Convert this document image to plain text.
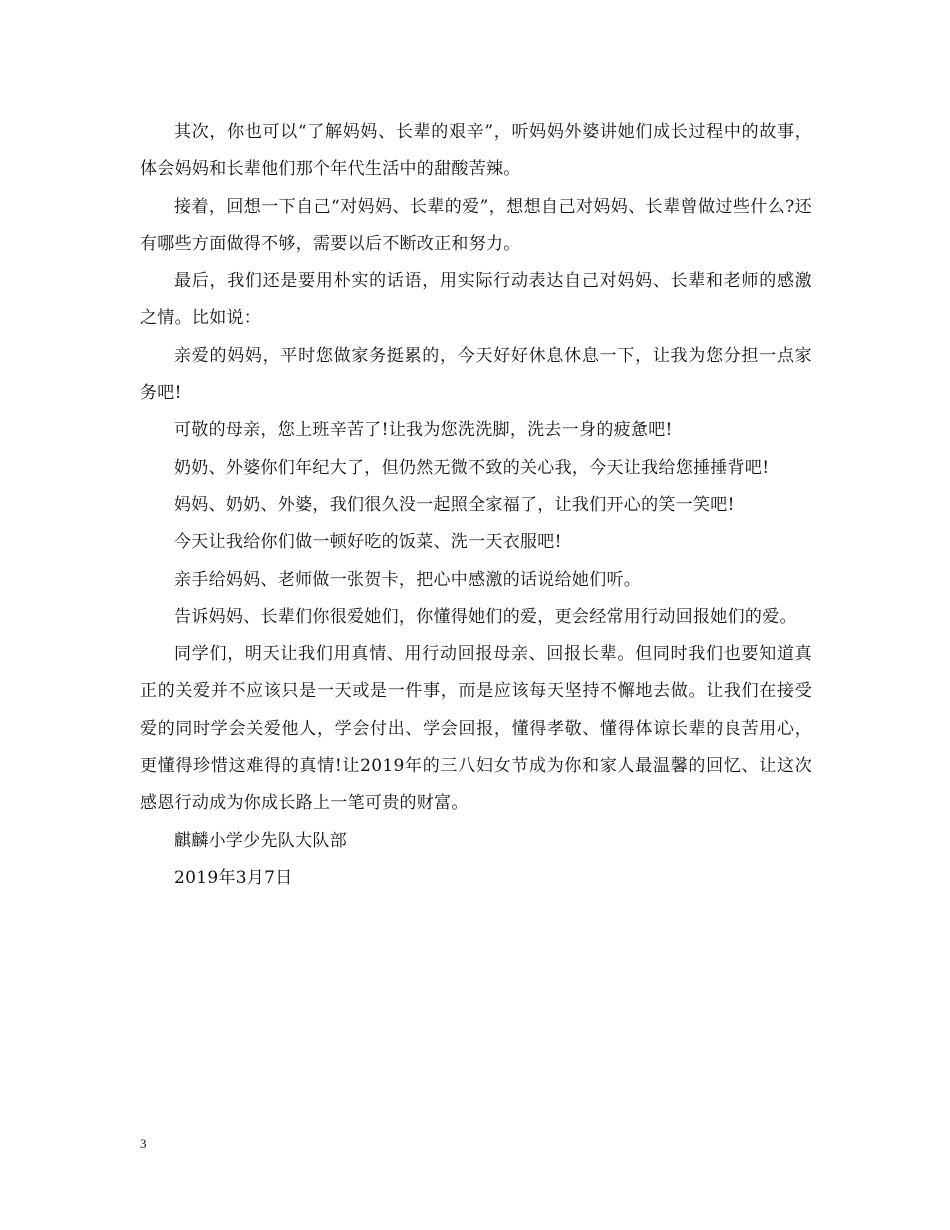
其次，你也可以“了解妈妈、长辈的艰辛”，听妈妈外婆讲她们成长过程中的故事，体会妈妈和长辈他们那个年代生活中的甜酸苦辣。

接着，回想一下自己“对妈妈、长辈的爱”，想想自己对妈妈、长辈曾做过些什么?还有哪些方面做得不够，需要以后不断改正和努力。

最后，我们还是要用朴实的话语，用实际行动表达自己对妈妈、长辈和老师的感激之情。比如说：

亲爱的妈妈，平时您做家务挺累的，今天好好休息休息一下，让我为您分担一点家务吧!

可敬的母亲，您上班辛苦了!让我为您洗洗脚，洗去一身的疲惫吧!

奶奶、外婆你们年纪大了，但仍然无微不致的关心我，今天让我给您捶捶背吧!

妈妈、奶奶、外婆，我们很久没一起照全家福了，让我们开心的笑一笑吧!

今天让我给你们做一顿好吃的饭菜、洗一天衣服吧!

亲手给妈妈、老师做一张贺卡，把心中感激的话说给她们听。

告诉妈妈、长辈们你很爱她们，你懂得她们的爱，更会经常用行动回报她们的爱。

同学们，明天让我们用真情、用行动回报母亲、回报长辈。但同时我们也要知道真正的关爱并不应该只是一天或是一件事，而是应该每天坚持不懈地去做。让我们在接受爱的同时学会关爱他人，学会付出、学会回报，懂得孝敬、懂得体谅长辈的良苦用心，更懂得珍惜这难得的真情!让2019年的三八妇女节成为你和家人最温馨的回忆、让这次感恩行动成为你成长路上一笔可贵的财富。

麒麟小学少先队大队部

2019年3月7日

3
